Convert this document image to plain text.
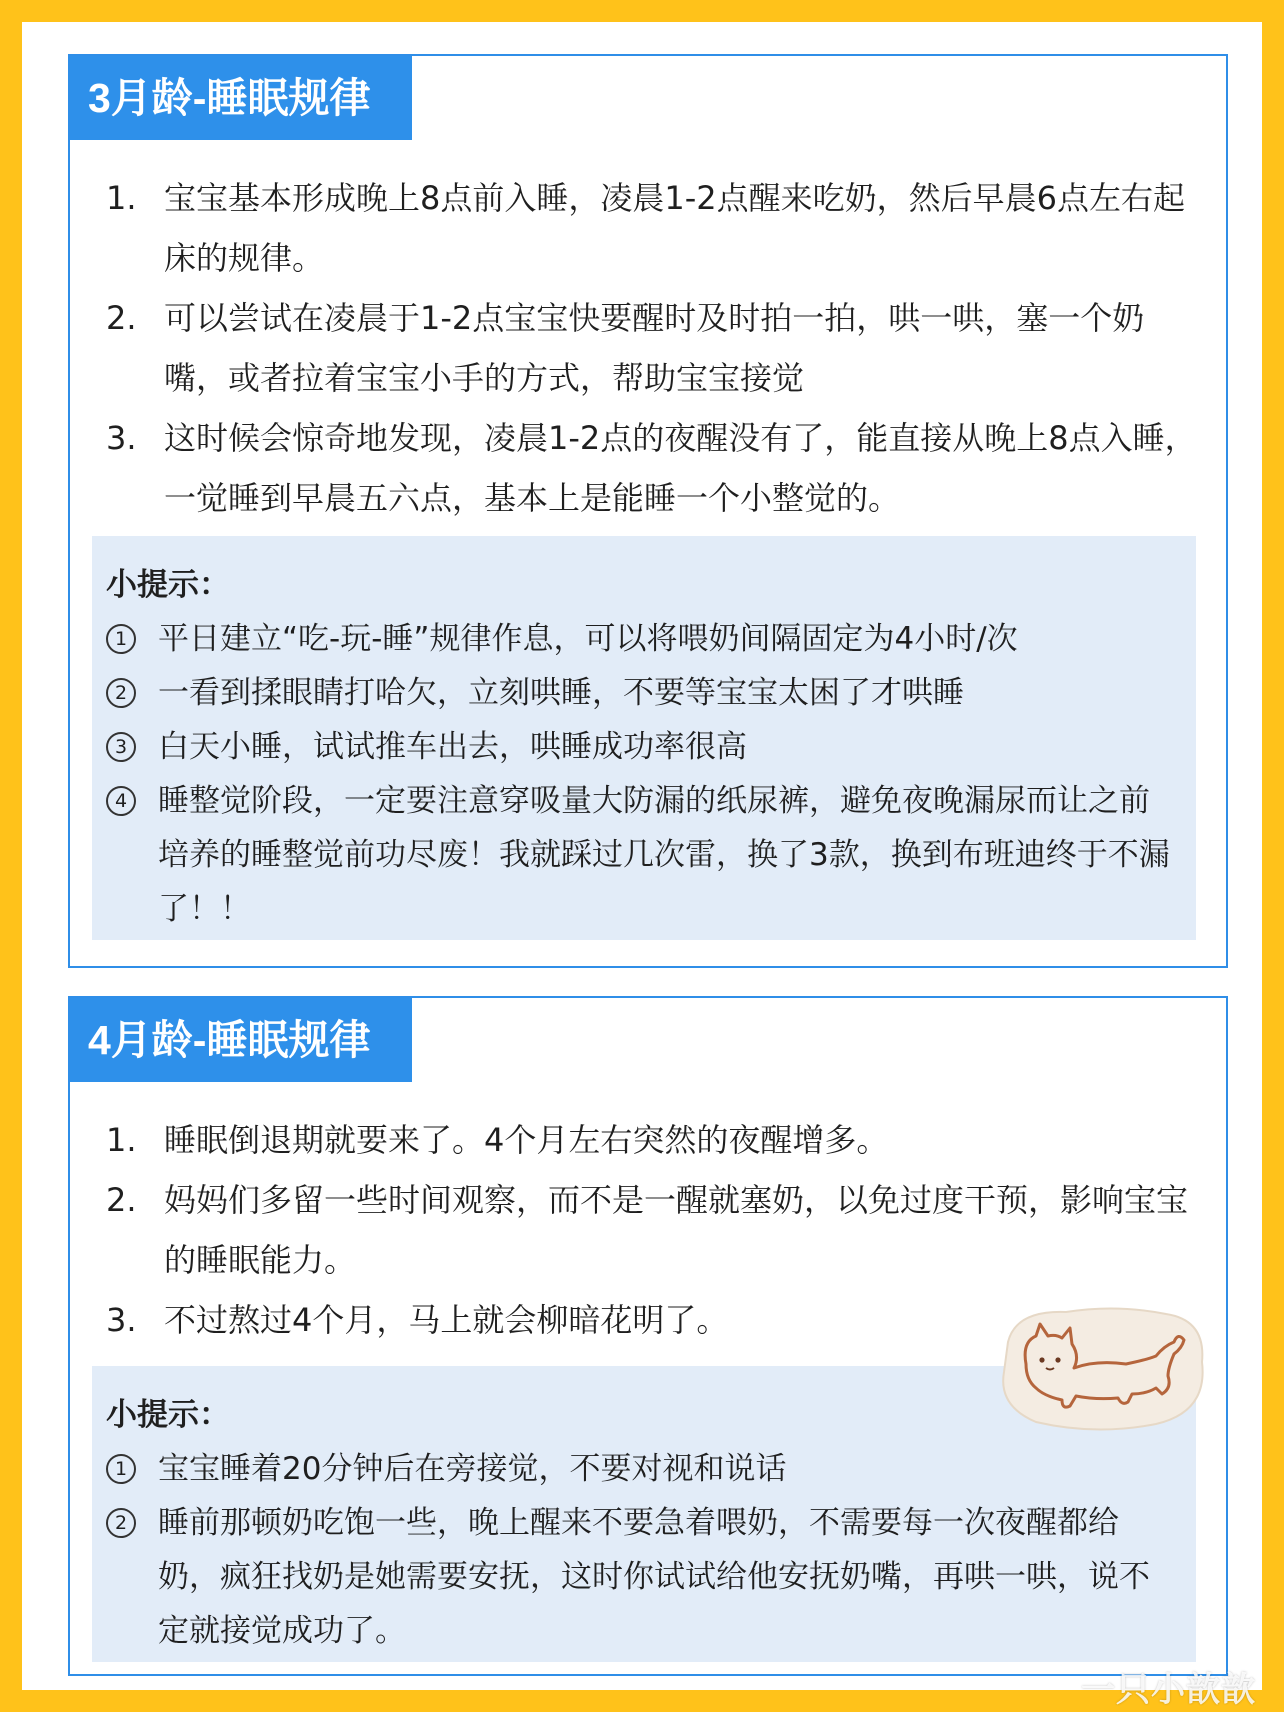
3月龄-睡眠规律
1. 宝宝基本形成晚上8点前入睡，凌晨1-2点醒来吃奶，然后早晨6点左右起床的规律。
2. 可以尝试在凌晨于1-2点宝宝快要醒时及时拍一拍，哄一哄，塞一个奶嘴，或者拉着宝宝小手的方式，帮助宝宝接觉
3. 这时候会惊奇地发现，凌晨1-2点的夜醒没有了，能直接从晚上8点入睡，一觉睡到早晨五六点，基本上是能睡一个小整觉的。
小提示：
1 平日建立“吃-玩-睡”规律作息，可以将喂奶间隔固定为4小时/次
2 一看到揉眼睛打哈欠，立刻哄睡，不要等宝宝太困了才哄睡
3 白天小睡，试试推车出去，哄睡成功率很高
4 睡整觉阶段，一定要注意穿吸量大防漏的纸尿裤，避免夜晚漏尿而让之前培养的睡整觉前功尽废！我就踩过几次雷，换了3款，换到布班迪终于不漏了！！
4月龄-睡眠规律
1. 睡眠倒退期就要来了。4个月左右突然的夜醒增多。
2. 妈妈们多留一些时间观察，而不是一醒就塞奶，以免过度干预，影响宝宝的睡眠能力。
3. 不过熬过4个月，马上就会柳暗花明了。
小提示：
1 宝宝睡着20分钟后在旁接觉，不要对视和说话
2 睡前那顿奶吃饱一些，晚上醒来不要急着喂奶，不需要每一次夜醒都给奶，疯狂找奶是她需要安抚，这时你试试给他安抚奶嘴，再哄一哄，说不定就接觉成功了。
一只小歆歆
